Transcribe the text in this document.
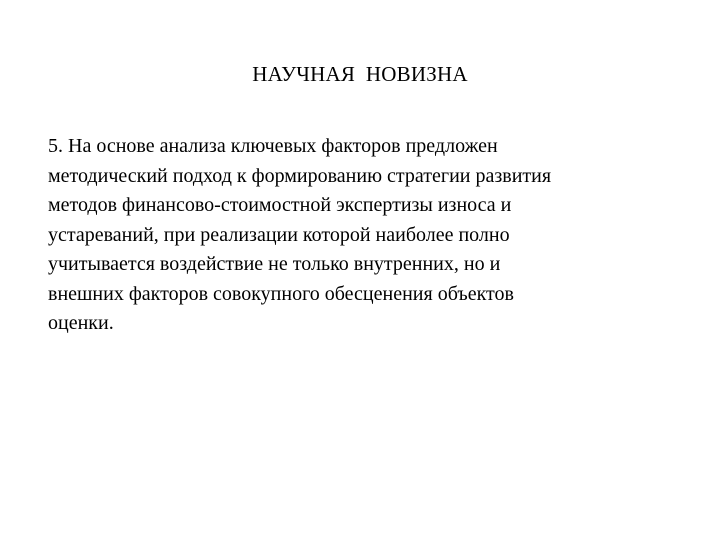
НАУЧНАЯ  НОВИЗНА
5. На основе анализа ключевых факторов предложен
методический подход к формированию стратегии развития
методов финансово-стоимостной экспертизы износа и
устареваний, при реализации которой наиболее полно
учитывается воздействие не только внутренних, но и
внешних факторов совокупного обесценения объектов
оценки.
